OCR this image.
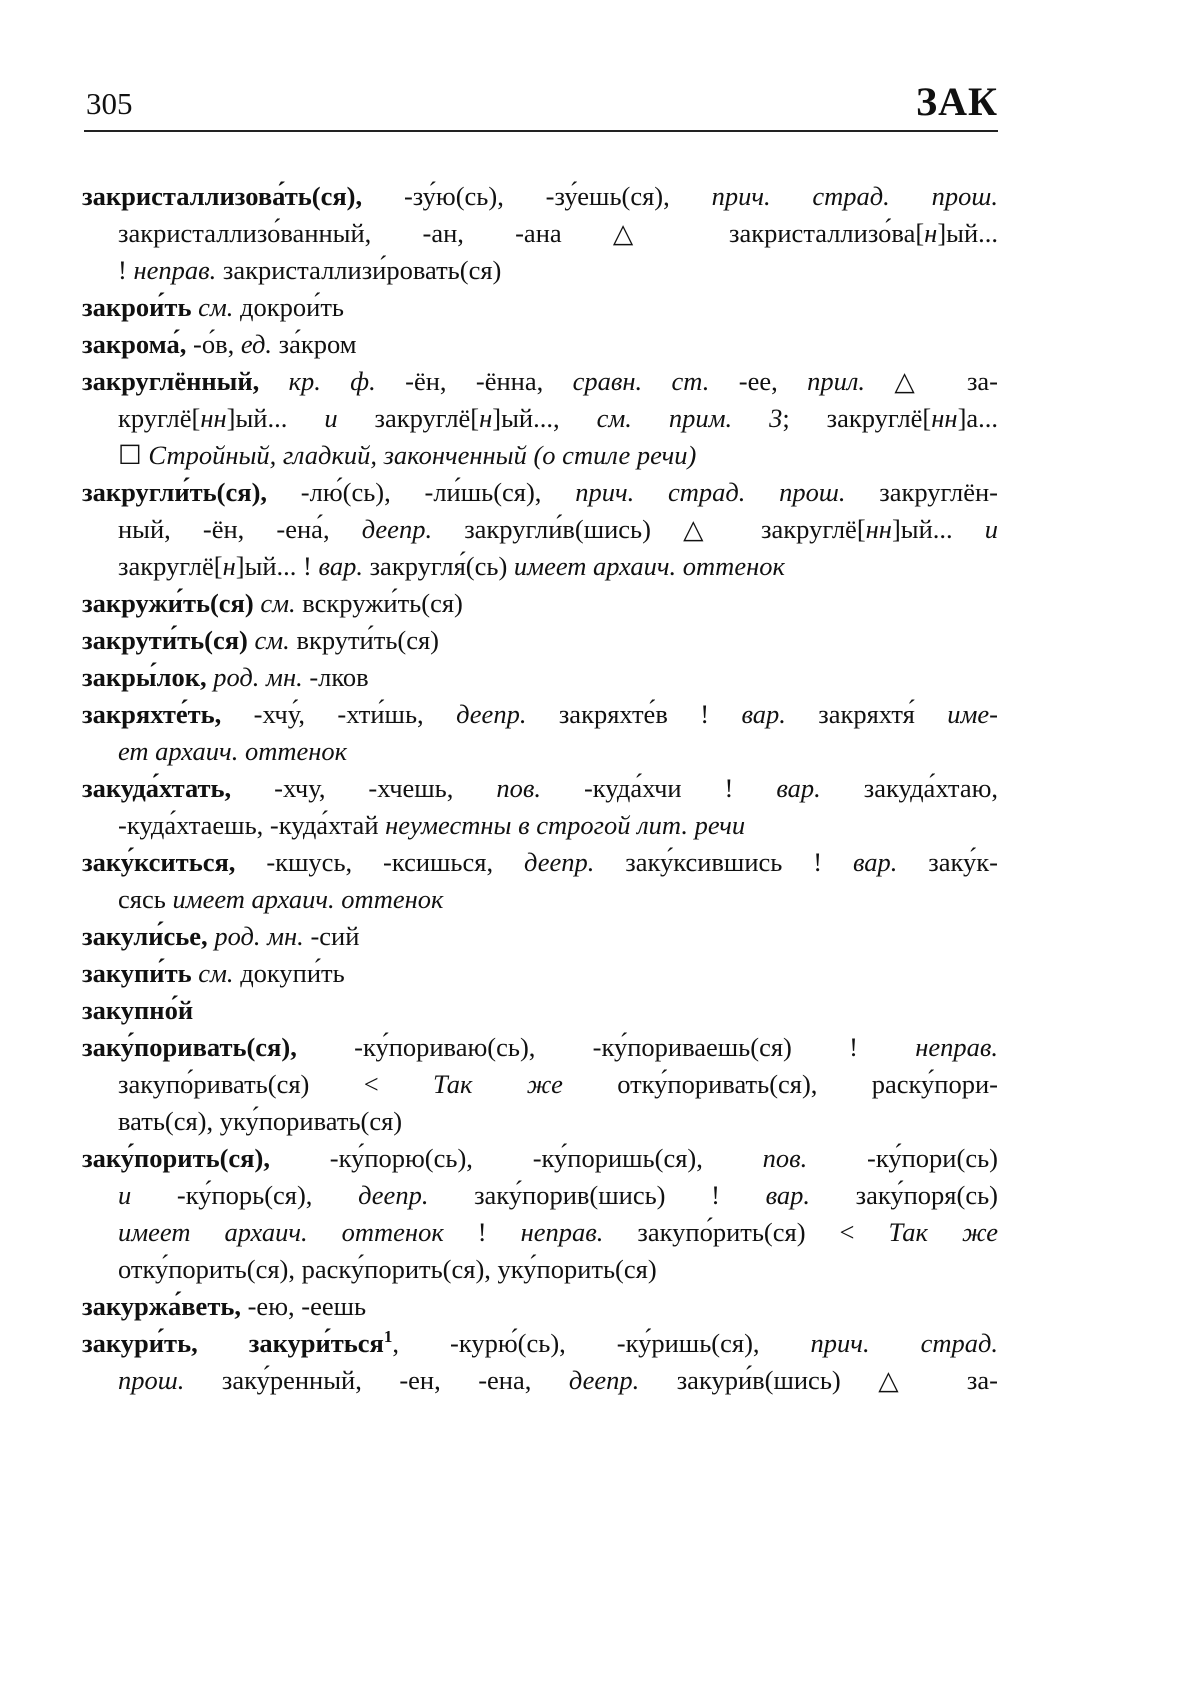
305	ЗАК
закристаллизова́ть(ся), -зу́ю(сь), -зу́ешь(ся), прич. страд. прош.
закристаллизо́ванный, -ан, -ана △ закристаллизо́ва[н]ый...
! неправ. закристаллизи́ровать(ся)
закрои́ть см. докрои́ть
закрома́, -о́в, ед. за́кром
закруглённый, кр. ф. -ён, -ённа, сравн. ст. -ее, прил. △ за-
круглё[нн]ый... и закруглё[н]ый..., см. прим. 3; закруглё[нн]а...
☐ Стройный, гладкий, законченный (о стиле речи)
закругли́ть(ся), -лю́(сь), -ли́шь(ся), прич. страд. прош. закруглён-
ный, -ён, -ена́, деепр. закругли́в(шись) △ закруглё[нн]ый... и
закруглё[н]ый... ! вар. закругля́(сь) имеет архаич. оттенок
закружи́ть(ся) см. вскружи́ть(ся)
закрути́ть(ся) см. вкрути́ть(ся)
закры́лок, род. мн. -лков
закряхте́ть, -хчу́, -хти́шь, деепр. закряхте́в ! вар. закряхтя́ име-
ет архаич. оттенок
закуда́хтать, -хчу, -хчешь, пов. -куда́хчи ! вар. закуда́хтаю,
-куда́хтаешь, -куда́хтай неуместны в строгой лит. речи
заку́кситься, -кшусь, -ксишься, деепр. заку́ксившись ! вар. заку́к-
сясь имеет архаич. оттенок
закули́сье, род. мн. -сий
закупи́ть см. докупи́ть
закупно́й
заку́поривать(ся), -ку́пориваю(сь), -ку́пориваешь(ся) ! неправ.
закупо́ривать(ся) < Так же отку́поривать(ся), раску́пори-
вать(ся), уку́поривать(ся)
заку́порить(ся), -ку́порю(сь), -ку́поришь(ся), пов. -ку́пори(сь)
и -ку́порь(ся), деепр. заку́порив(шись) ! вар. заку́поря(сь)
имеет архаич. оттенок ! неправ. закупо́рить(ся) < Так же
отку́порить(ся), раску́порить(ся), уку́порить(ся)
закуржа́веть, -ею, -еешь
закури́ть, закури́ться$^1$, -курю́(сь), -ку́ришь(ся), прич. страд.
прош. заку́ренный, -ен, -ена, деепр. закури́в(шись) △ за-
